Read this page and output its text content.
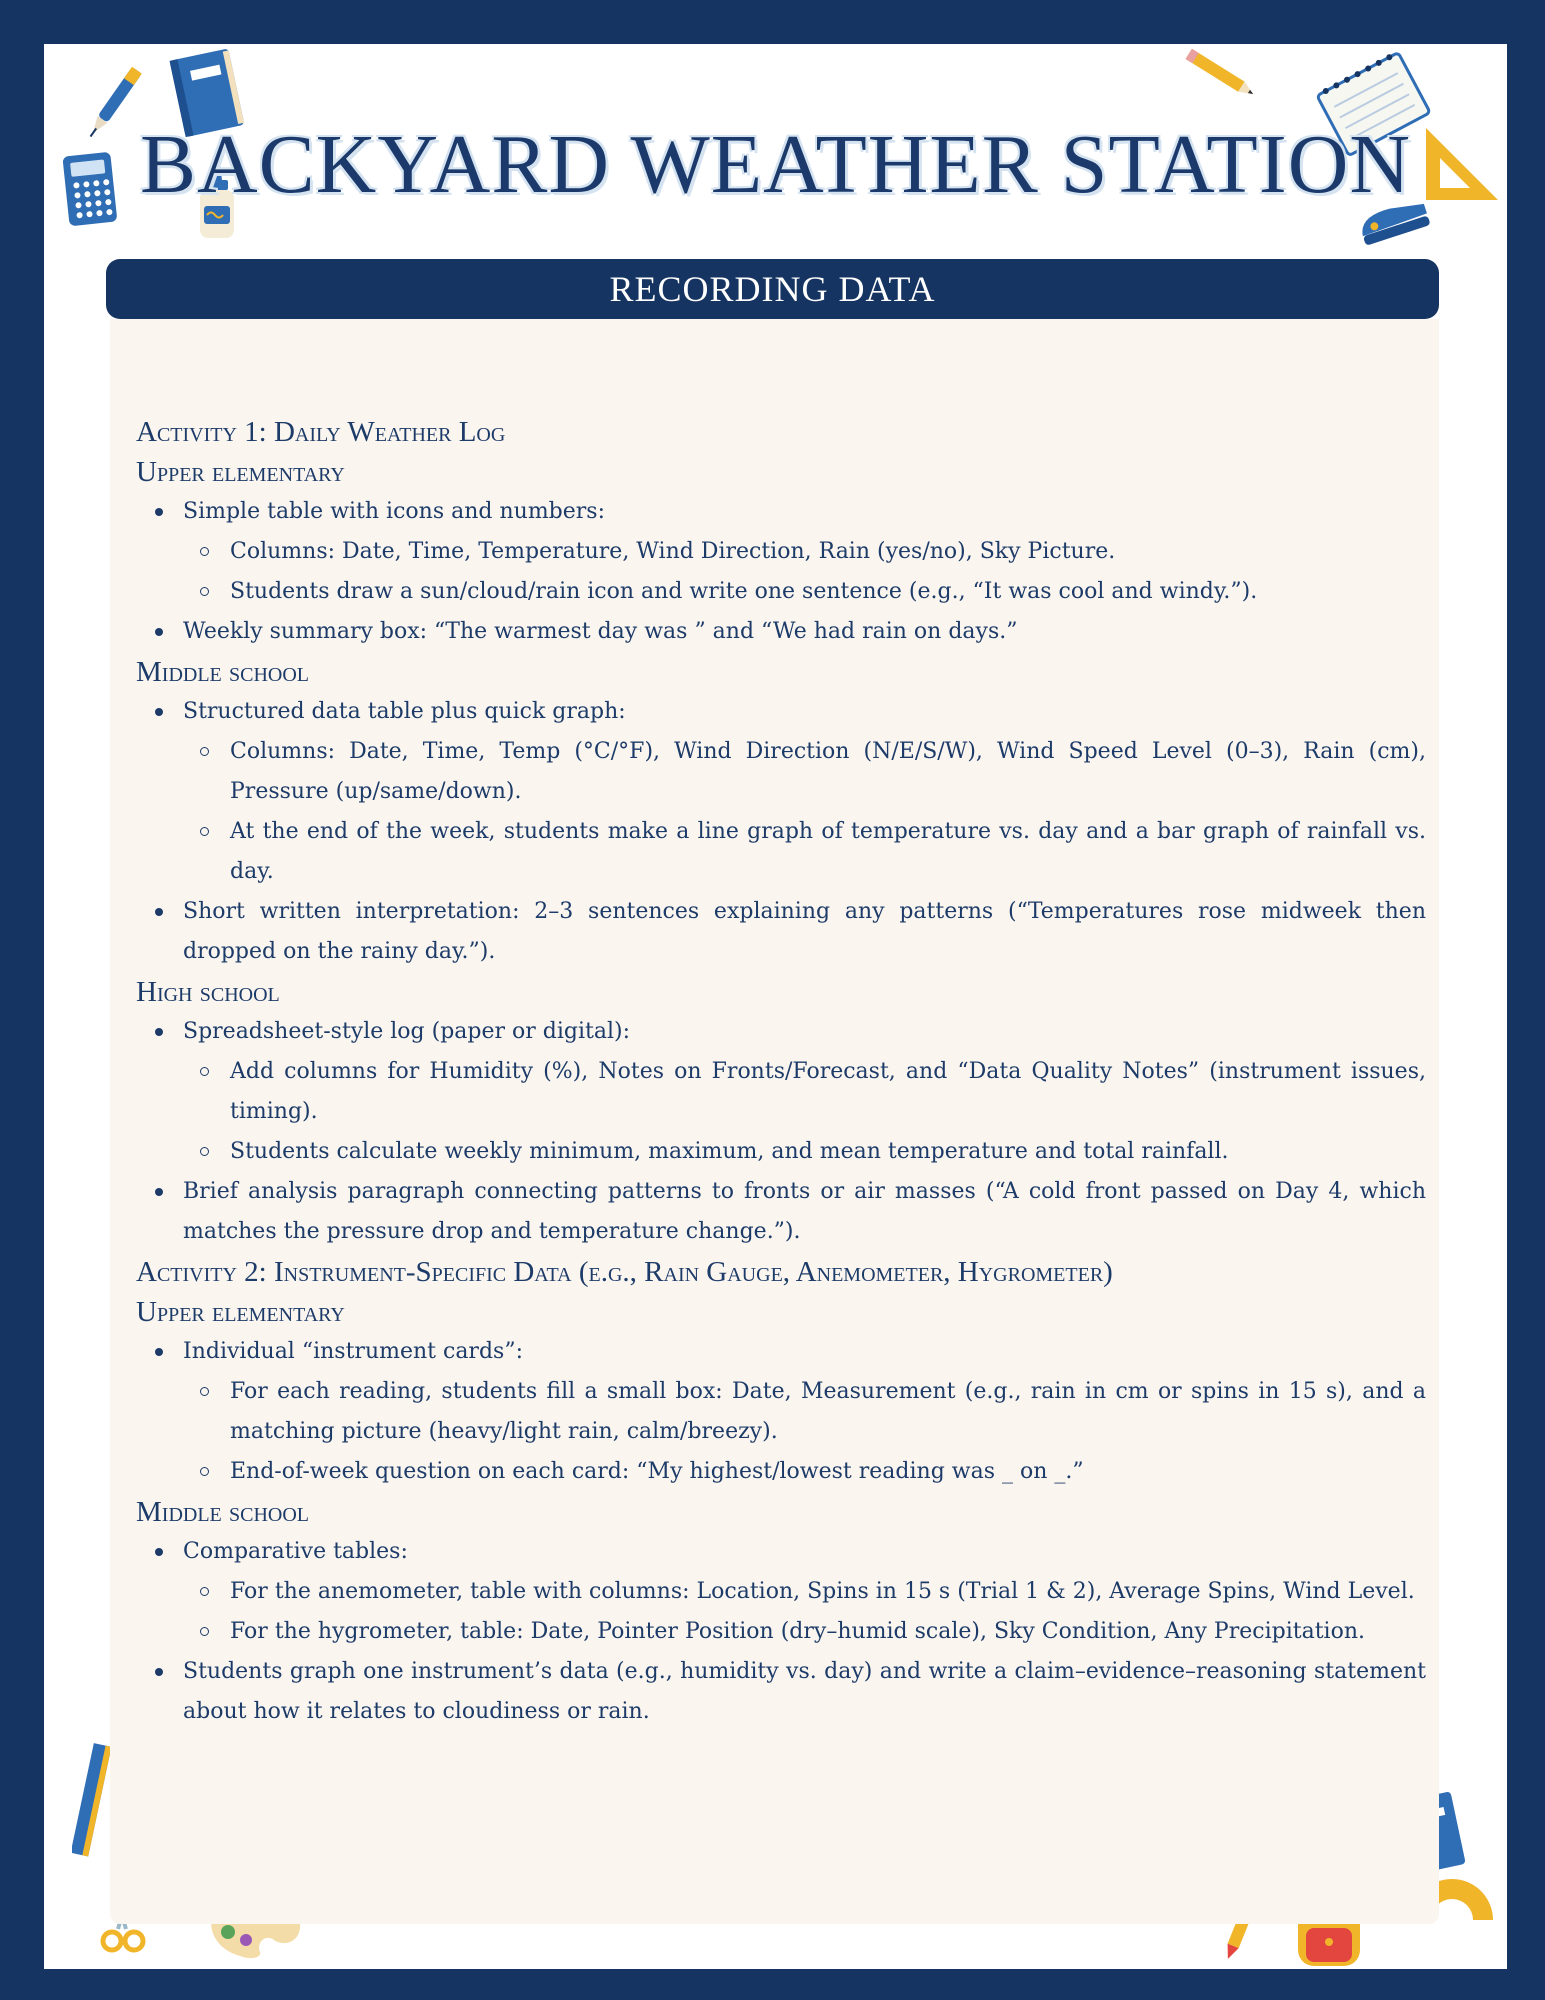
BACKYARD WEATHER STATION
RECORDING DATA
Activity 1: Daily Weather Log
Upper elementary
Simple table with icons and numbers:
Columns: Date, Time, Temperature, Wind Direction, Rain (yes/no), Sky Picture.
Students draw a sun/cloud/rain icon and write one sentence (e.g., “It was cool and windy.”).
Weekly summary box: “The warmest day was ” and “We had rain on days.”
Middle school
Structured data table plus quick graph:
Columns: Date, Time, Temp (°C/°F), Wind Direction (N/E/S/W), Wind Speed Level (0–3), Rain (cm), Pressure (up/same/down).
At the end of the week, students make a line graph of temperature vs. day and a bar graph of rainfall vs. day.
Short written interpretation: 2–3 sentences explaining any patterns (“Temperatures rose midweek then dropped on the rainy day.”).
High school
Spreadsheet-style log (paper or digital):
Add columns for Humidity (%), Notes on Fronts/Forecast, and “Data Quality Notes” (instrument issues, timing).
Students calculate weekly minimum, maximum, and mean temperature and total rainfall.
Brief analysis paragraph connecting patterns to fronts or air masses (“A cold front passed on Day 4, which matches the pressure drop and temperature change.”).
Activity 2: Instrument-Specific Data (e.g., Rain Gauge, Anemometer, Hygrometer)
Upper elementary
Individual “instrument cards”:
For each reading, students fill a small box: Date, Measurement (e.g., rain in cm or spins in 15 s), and a matching picture (heavy/light rain, calm/breezy).
End-of-week question on each card: “My highest/lowest reading was _ on _.”
Middle school
Comparative tables:
For the anemometer, table with columns: Location, Spins in 15 s (Trial 1 & 2), Average Spins, Wind Level.
For the hygrometer, table: Date, Pointer Position (dry–humid scale), Sky Condition, Any Precipitation.
Students graph one instrument’s data (e.g., humidity vs. day) and write a claim–evidence–reasoning statement about how it relates to cloudiness or rain.
